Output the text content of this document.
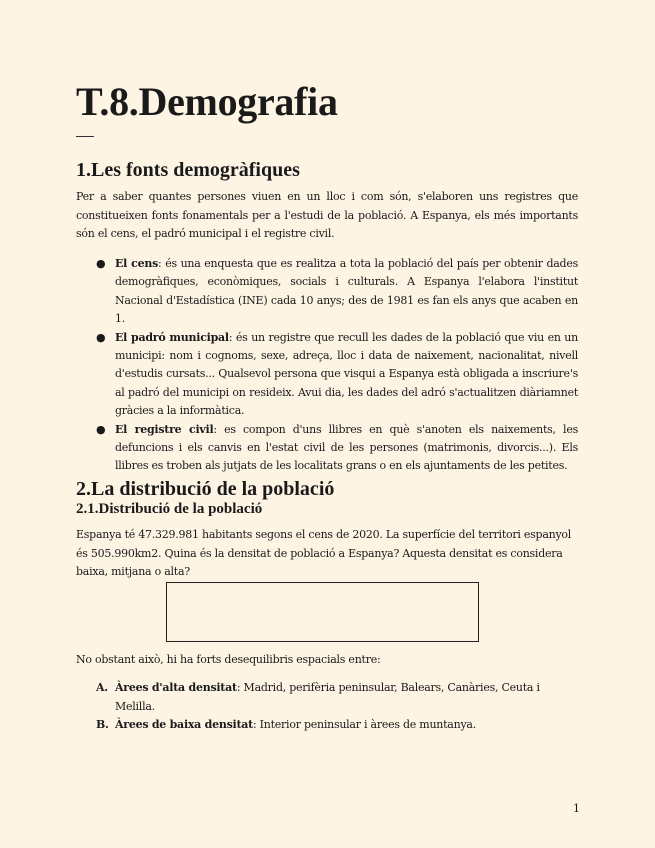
T.8.Demografia
1.Les fonts demogràfiques

Per a saber quantes persones viuen en un lloc i com són, s'elaboren uns registres que constitueixen fonts fonamentals per a l'estudi de la població. A Espanya, els més importants són el cens, el padró municipal i el registre civil.

● El cens: és una enquesta que es realitza a tota la població del país per obtenir dades demogràfiques, econòmiques, socials i culturals. A Espanya l'elabora l'institut Nacional d'Estadística (INE) cada 10 anys; des de 1981 es fan els anys que acaben en 1.
● El padró municipal: és un registre que recull les dades de la població que viu en un municipi: nom i cognoms, sexe, adreça, lloc i data de naixement, nacionalitat, nivell d'estudis cursats... Qualsevol persona que visqui a Espanya està obligada a inscriure's al padró del municipi on resideix. Avui dia, les dades del adró s'actualitzen diàriamnet gràcies a la informàtica.
● El registre civil: es compon d'uns llibres en què s'anoten els naixements, les defuncions i els canvis en l'estat civil de les persones (matrimonis, divorcis...). Els llibres es troben als jutjats de les localitats grans o en els ajuntaments de les petites.
2.La distribució de la població
2.1.Distribució de la població

Espanya té 47.329.981 habitants segons el cens de 2020. La superfície del territori espanyol és 505.990km2. Quina és la densitat de població a Espanya? Aquesta densitat es considera baixa, mitjana o alta?

No obstant això, hi ha forts desequilibris espacials entre:

A. Àrees d'alta densitat: Madrid, perifèria peninsular, Balears, Canàries, Ceuta i Melilla.
B. Àrees de baixa densitat: Interior peninsular i àrees de muntanya.
1
